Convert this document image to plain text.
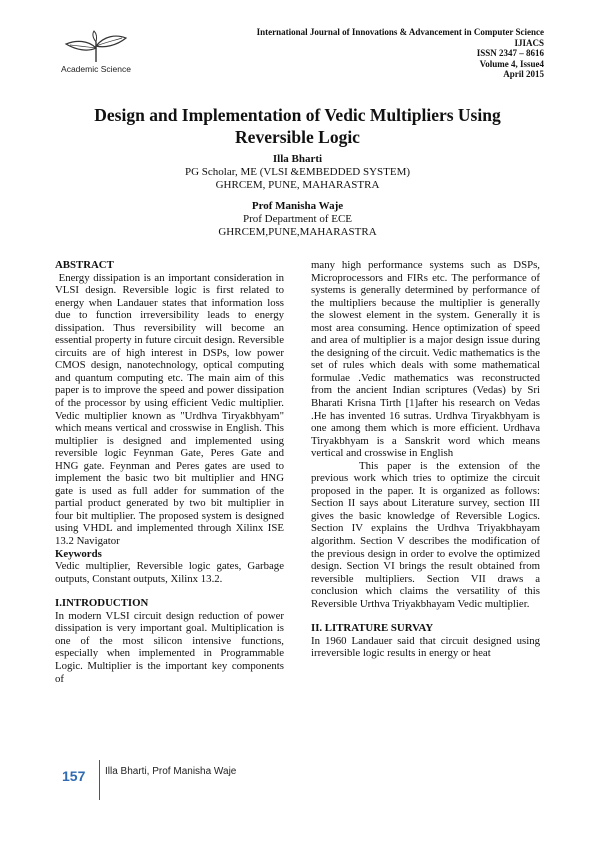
International Journal of Innovations & Advancement in Computer Science
IJIACS
ISSN 2347 – 8616
Volume 4, Issue4
April 2015
Academic Science
Design and Implementation of Vedic Multipliers Using Reversible Logic
Illa Bharti
PG Scholar, ME (VLSI &EMBEDDED SYSTEM)
GHRCEM, PUNE, MAHARASTRA
Prof Manisha Waje
Prof Department of ECE
GHRCEM,PUNE,MAHARASTRA

ABSTRACT

Energy dissipation is an important consideration in VLSI design. Reversible logic is first related to energy when Landauer states that information loss due to function irreversibility leads to energy dissipation. Thus reversibility will become an essential property in future circuit design. Reversible circuits are of high interest in DSPs, low power CMOS design, nanotechnology, optical computing and quantum computing etc. The main aim of this paper is to improve the speed and power dissipation of the processor by using efficient Vedic multiplier. Vedic multiplier known as "Urdhva Tiryakbhyam" which means vertical and crosswise in English. This multiplier is designed and implemented using reversible logic Feynman Gate, Peres Gate and HNG gate. Feynman and Peres gates are used to implement the basic two bit multiplier and HNG gate is used as full adder for summation of the partial product generated by two bit multiplier in four bit multiplier. The proposed system is designed using VHDL and implemented through Xilinx ISE 13.2 Navigator

Keywords

Vedic multiplier, Reversible logic gates, Garbage outputs, Constant outputs, Xilinx 13.2.

I.INTRODUCTION

In modern VLSI circuit design reduction of power dissipation is very important goal. Multiplication is one of the most silicon intensive functions, especially when implemented in Programmable Logic. Multiplier is the important key components of

many high performance systems such as DSPs, Microprocessors and FIRs etc. The performance of systems is generally determined by performance of the multipliers because the multiplier is generally the slowest element in the system. Generally it is most area consuming. Hence optimization of speed and area of multiplier is a major design issue during the designing of the circuit. Vedic mathematics is the set of rules which deals with some mathematical formulae .Vedic mathematics was reconstructed from the ancient Indian scriptures (Vedas) by Sri Bharati Krisna Tirth [1]after his research on Vedas .He has invented 16 sutras. Urdhva Tiryakbhyam is one among them which is more efficient. Urdhava Tiryakbhyam is a Sanskrit word which means vertical and crosswise in English

This paper is the extension of the previous work which tries to optimize the circuit proposed in the paper. It is organized as follows: Section II says about Literature survey, section III gives the basic knowledge of Reversible Logics. Section IV explains the Urdhva Triyakbhayam algorithm. Section V describes the modification of the previous design in order to evolve the optimized design. Section VI brings the result obtained from reversible multipliers. Section VII draws a conclusion which claims the versatility of this Reversible Urthva Triyakbhayam Vedic multiplier.

II. LITRATURE SURVAY

In 1960 Landauer said that circuit designed using irreversible logic results in energy or heat

157 Illa Bharti, Prof Manisha Waje
